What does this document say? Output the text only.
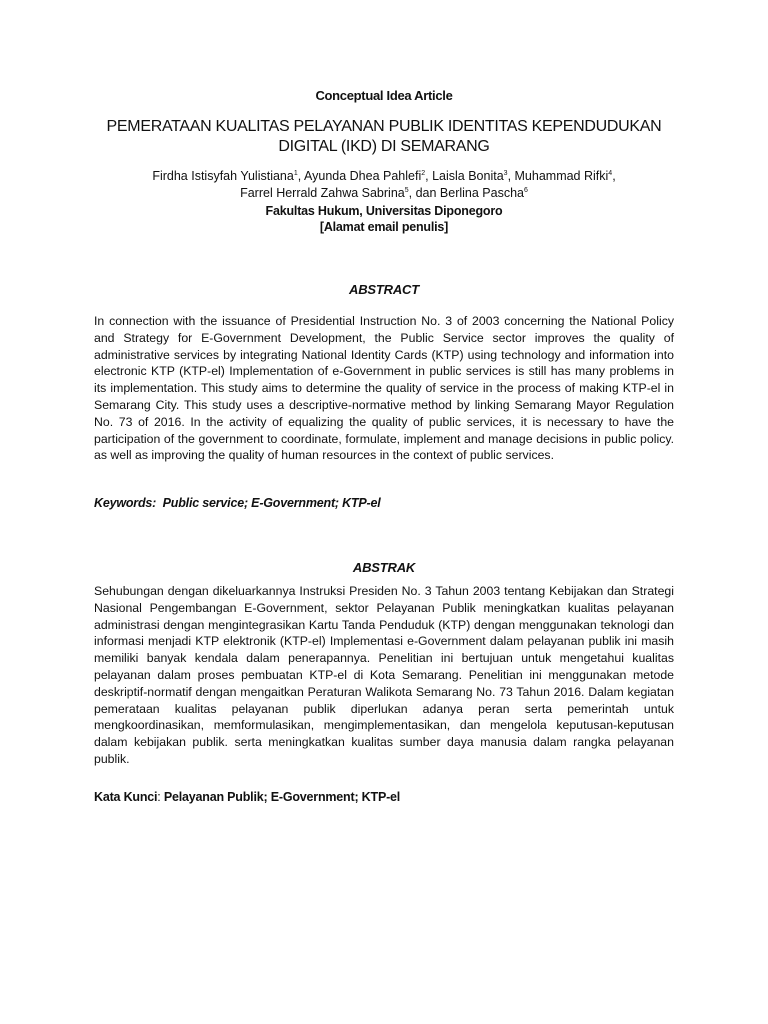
Conceptual Idea Article
PEMERATAAN KUALITAS PELAYANAN PUBLIK IDENTITAS KEPENDUDUKAN
DIGITAL (IKD) DI SEMARANG
Firdha Istisyfah Yulistiana$^1$, Ayunda Dhea Pahlefi$^2$, Laisla Bonita$^3$, Muhammad Rifki$^4$,
Farrel Herrald Zahwa Sabrina$^5$, dan Berlina Pascha$^6$
Fakultas Hukum, Universitas Diponegoro
[Alamat email penulis]
ABSTRACT

In connection with the issuance of Presidential Instruction No. 3 of 2003 concerning the National Policy and Strategy for E-Government Development, the Public Service sector improves the quality of administrative services by integrating National Identity Cards (KTP) using technology and information into electronic KTP (KTP-el) Implementation of e-Government in public services is still has many problems in its implementation. This study aims to determine the quality of service in the process of making KTP-el in Semarang City. This study uses a descriptive-normative method by linking Semarang Mayor Regulation No. 73 of 2016. In the activity of equalizing the quality of public services, it is necessary to have the participation of the government to coordinate, formulate, implement and manage decisions in public policy. as well as improving the quality of human resources in the context of public services.

Keywords: Public service; E-Government; KTP-el
ABSTRAK

Sehubungan dengan dikeluarkannya Instruksi Presiden No. 3 Tahun 2003 tentang Kebijakan dan Strategi Nasional Pengembangan E-Government, sektor Pelayanan Publik meningkatkan kualitas pelayanan administrasi dengan mengintegrasikan Kartu Tanda Penduduk (KTP) dengan menggunakan teknologi dan informasi menjadi KTP elektronik (KTP-el) Implementasi e-Government dalam pelayanan publik ini masih memiliki banyak kendala dalam penerapannya. Penelitian ini bertujuan untuk mengetahui kualitas pelayanan dalam proses pembuatan KTP-el di Kota Semarang. Penelitian ini menggunakan metode deskriptif-normatif dengan mengaitkan Peraturan Walikota Semarang No. 73 Tahun 2016. Dalam kegiatan pemerataan kualitas pelayanan publik diperlukan adanya peran serta pemerintah untuk mengkoordinasikan, memformulasikan, mengimplementasikan, dan mengelola keputusan-keputusan dalam kebijakan publik. serta meningkatkan kualitas sumber daya manusia dalam rangka pelayanan publik.

Kata Kunci: Pelayanan Publik; E-Government; KTP-el
